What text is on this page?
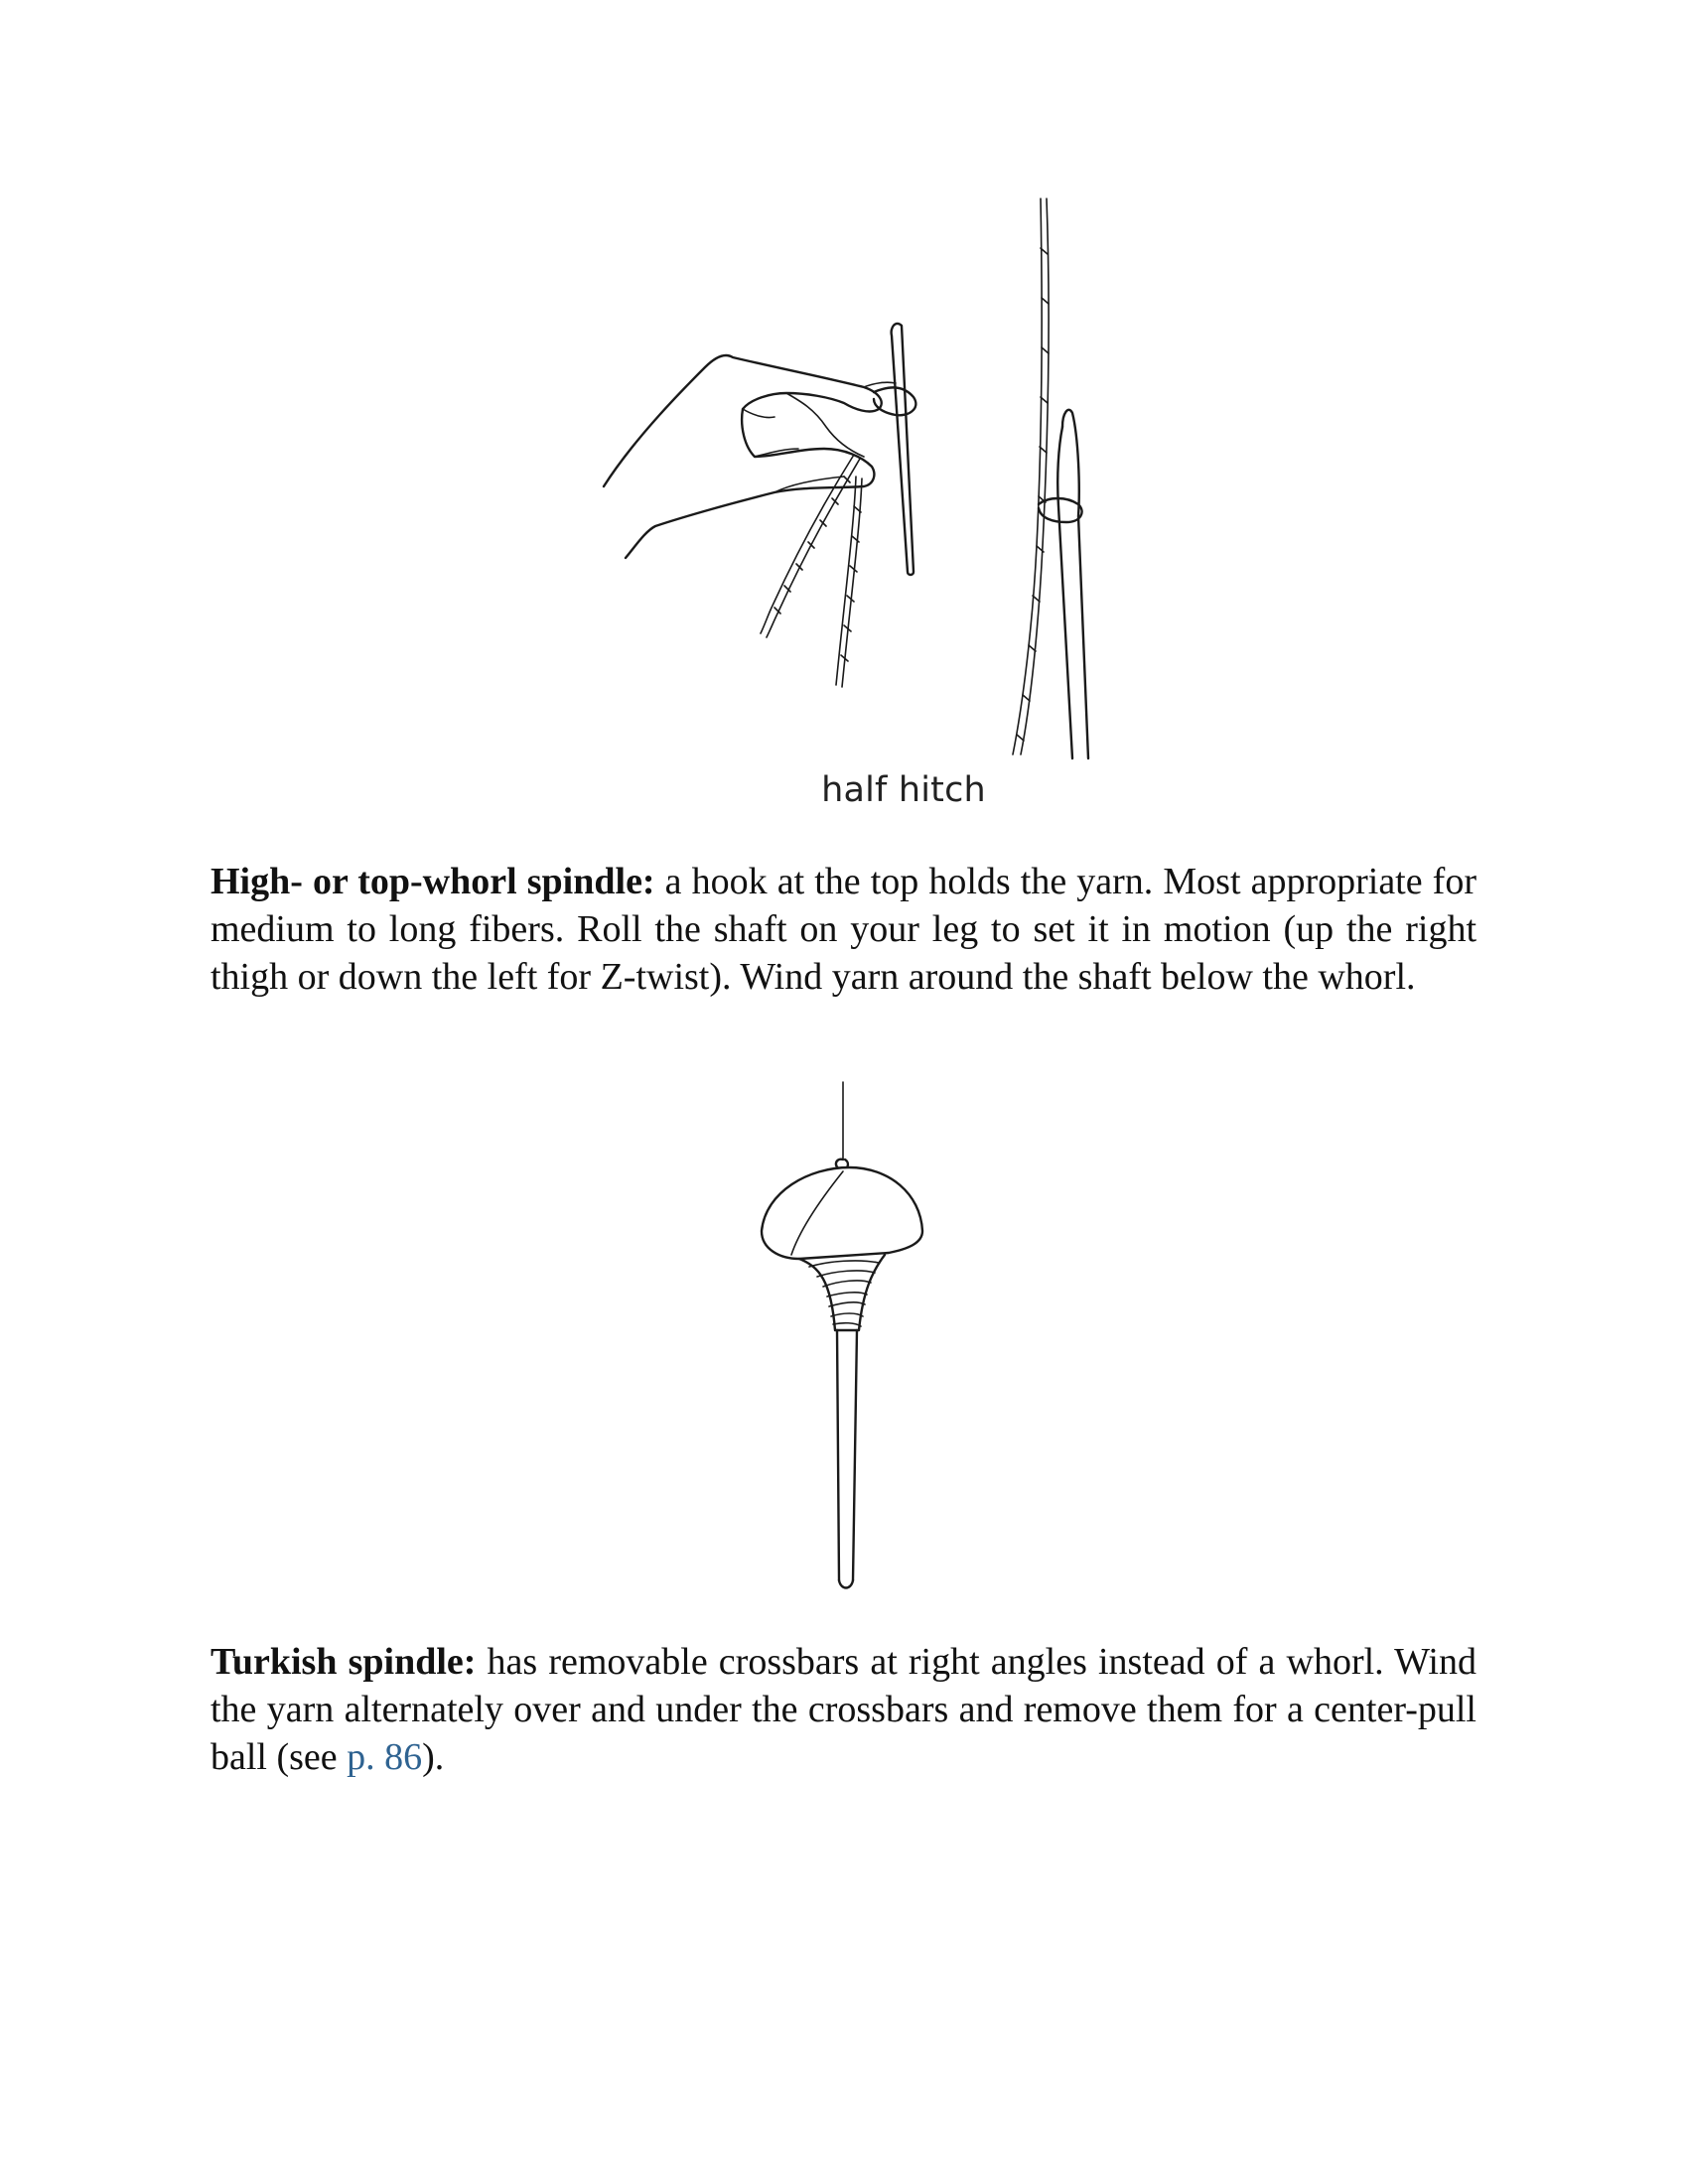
half hitch

High- or top-whorl spindle: a hook at the top holds the yarn. Most appropriate for medium to long fibers. Roll the shaft on your leg to set it in motion (up the right thigh or down the left for Z-twist). Wind yarn around the shaft below the whorl.

Turkish spindle: has removable crossbars at right angles instead of a whorl. Wind the yarn alternately over and under the crossbars and remove them for a center-pull ball (see p. 86).
